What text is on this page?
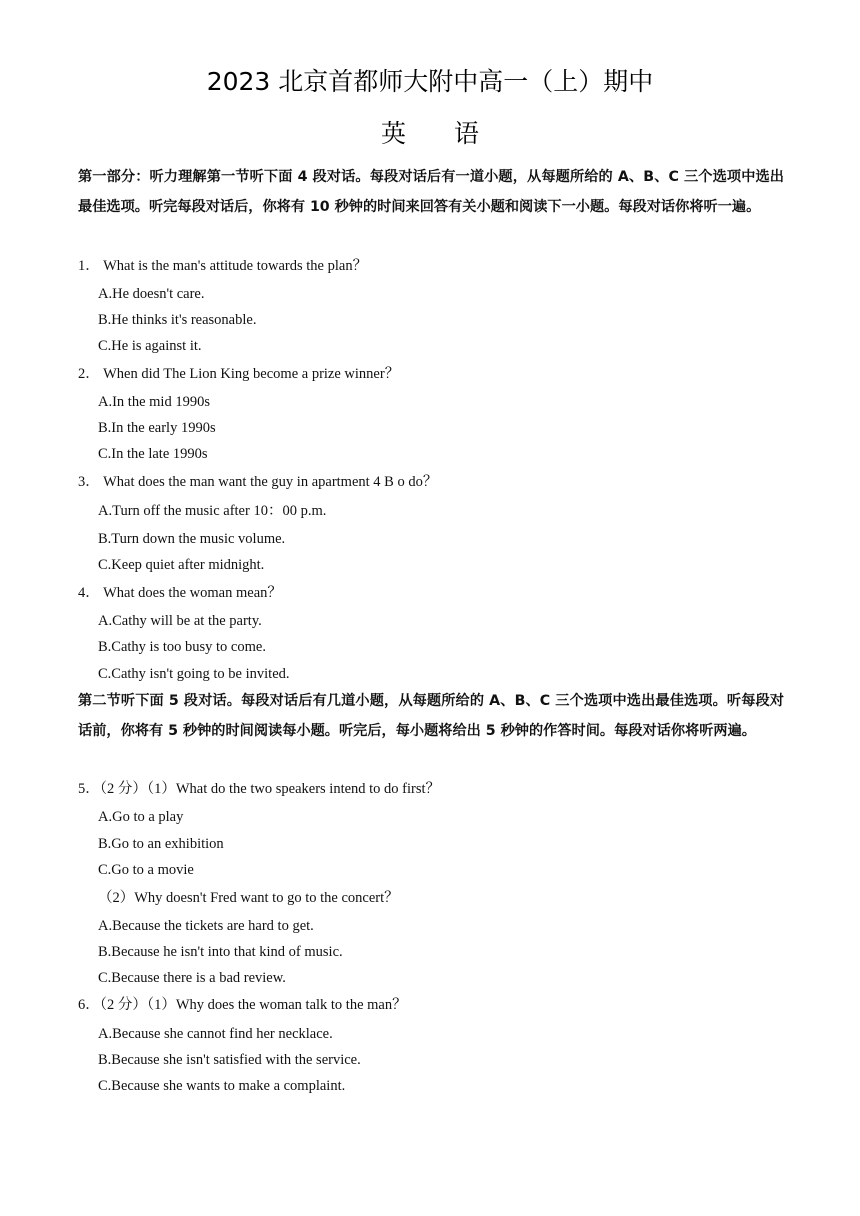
2023 北京首都师大附中高一（上）期中
英 语
第一部分：听力理解第一节听下面 4 段对话。每段对话后有一道小题，从每题所给的 A、B、C 三个选项中选出最佳选项。听完每段对话后，你将有 10 秒钟的时间来回答有关小题和阅读下一小题。每段对话你将听一遍。
1． What is the man's attitude towards the plan？
A.He doesn't care.
B.He thinks it's reasonable.
C.He is against it.
2． When did The Lion King become a prize winner？
A.In the mid 1990s
B.In the early 1990s
C.In the late 1990s
3． What does the man want the guy in apartment 4 B o do？
A.Turn off the music after 10：00 p.m.
B.Turn down the music volume.
C.Keep quiet after midnight.
4． What does the woman mean？
A.Cathy will be at the party.
B.Cathy is too busy to come.
C.Cathy isn't going to be invited.
第二节听下面 5 段对话。每段对话后有几道小题，从每题所给的 A、B、C 三个选项中选出最佳选项。听每段对话前，你将有 5 秒钟的时间阅读每小题。听完后，每小题将给出 5 秒钟的作答时间。每段对话你将听两遍。
5．（2 分）（1）What do the two speakers intend to do first？
A.Go to a play
B.Go to an exhibition
C.Go to a movie
（2）Why doesn't Fred want to go to the concert？
A.Because the tickets are hard to get.
B.Because he isn't into that kind of music.
C.Because there is a bad review.
6．（2 分）（1）Why does the woman talk to the man？
A.Because she cannot find her necklace.
B.Because she isn't satisfied with the service.
C.Because she wants to make a complaint.
